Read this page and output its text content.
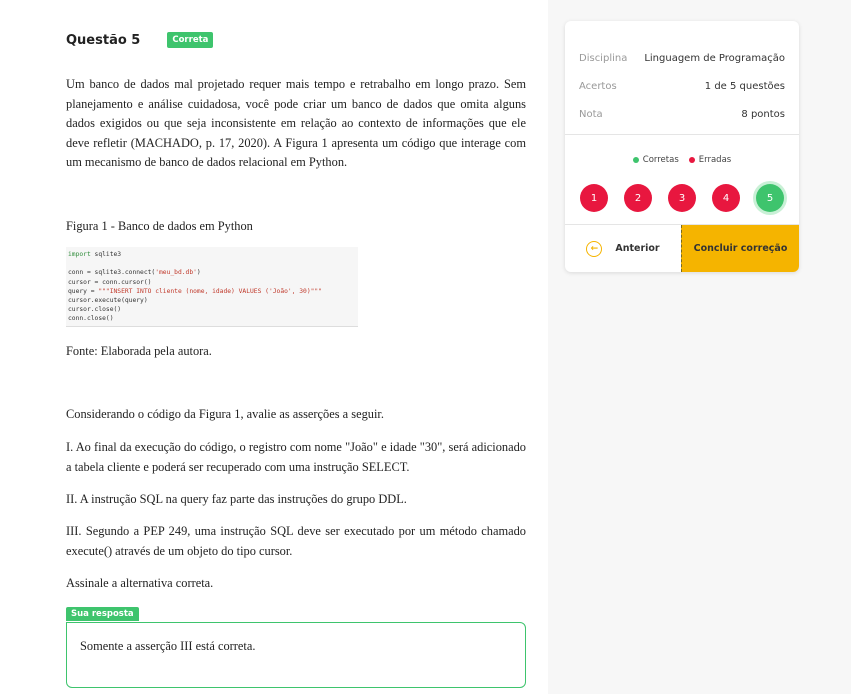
Questão 5	Correta

Um banco de dados mal projetado requer mais tempo e retrabalho em longo prazo. Sem planejamento e análise cuidadosa, você pode criar um banco de dados que omita alguns dados exigidos ou que seja inconsistente em relação ao contexto de informações que ele deve refletir (MACHADO, p. 17, 2020). A Figura 1 apresenta um código que interage com um mecanismo de banco de dados relacional em Python.

Figura 1 - Banco de dados em Python

import sqlite3

conn = sqlite3.connect('meu_bd.db')
cursor = conn.cursor()
query = """INSERT INTO cliente (nome, idade) VALUES ('João', 30)"""
cursor.execute(query)
cursor.close()
conn.close()

Fonte: Elaborada pela autora.

Considerando o código da Figura 1, avalie as asserções a seguir.

I. Ao final da execução do código, o registro com nome "João" e idade "30", será adicionado a tabela cliente e poderá ser recuperado com uma instrução SELECT.

II. A instrução SQL na query faz parte das instruções do grupo DDL.

III. Segundo a PEP 249, uma instrução SQL deve ser executado por um método chamado execute() através de um objeto do tipo cursor.

Assinale a alternativa correta.

Sua resposta
Somente a asserção III está correta.
Disciplina Linguagem de Programação
Acertos	1 de 5 questões
Nota	8 pontos
Corretas Erradas
1	2	3	4	5
←	Anterior	Concluir correção
